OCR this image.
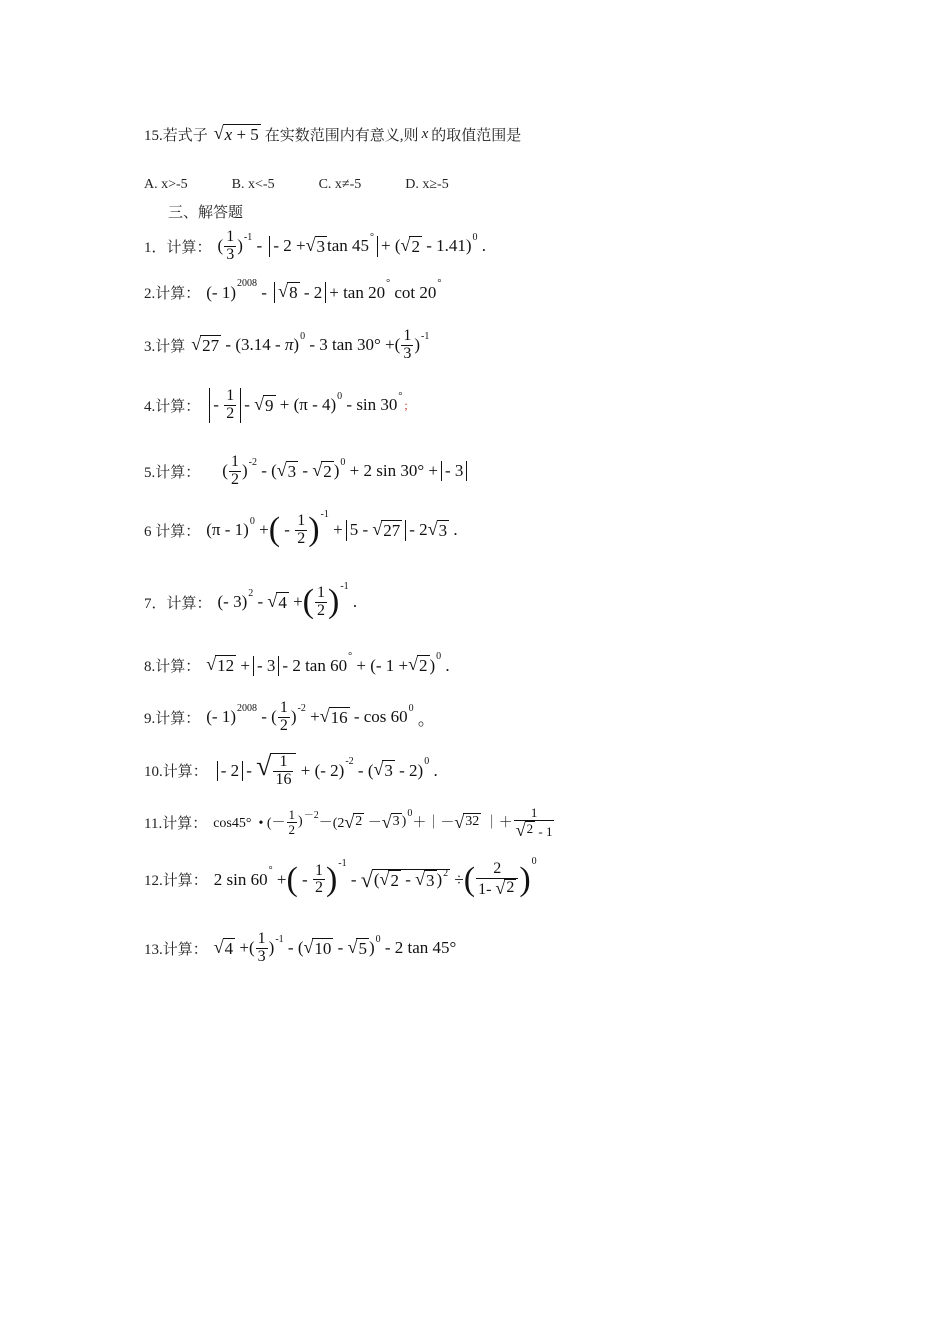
15.若式子 √ x + 5 在实数范围内有意义,则 x 的取值范围是
A. x>-5	B. x<-5	C. x≠-5	D. x≥-5
三、解答题
1．计算： ( $\frac{1}{3}$ ) -1 - - 2 + √ 3 tan 45 ° + ( √ 2 - 1.41) 0 .
2.计算： (- 1) 2008 - √ 8 - 2 + tan 20 ° cot 20 °
3.计算 √ 27 - (3.14 - π ) 0 - 3 tan 30° +( $\frac{1}{3}$ ) -1
4.计算： - $\frac{1}{2}$ - √ 9 + (π - 4) 0 - sin 30 °
;
5.计算： ( $\frac{1}{2}$ ) -2 - ( √ 3 - √ 2 ) 0 + 2 sin 30° + - 3
6 计算： (π - 1) 0 + ( - $\frac{1}{2}$ ) -1
+ 5 - √ 27 - 2 √ 3 .
7．计算： (- 3) 2 - √ 4 + ( $\frac{1}{2}$ ) -1
.
8.计算： √ 12 + - 3 - 2 tan 60 ° + (- 1 + √ 2 ) 0 .
9.计算： (- 1) 2008 - ( $\frac{1}{2}$ ) -2 + √ 16 - cos 60 0
。
10.计算： - 2 - √ $\frac{1}{16}$ + (- 2) -2 - ( √ 3 - 2) 0 .
11.计算： cos45°  • (－ $\frac{1}{2}$ ) －2
－(2 √ 2 － √ 3 )
0
＋｜－ √ 32 ｜＋ $\frac{1}{√ 2 - 1}$
12.计算： 2 sin 60 ° + ( - $\frac{1}{2}$ ) -1
- √ ( √ 2 - √ 3 )$^2$ ÷ ( $\frac{2}{1- √ 2}$ ) 0
13.计算： √ 4 +( $\frac{1}{3}$ ) -1 - ( √ 10 - √ 5 ) 0 - 2 tan 45°
